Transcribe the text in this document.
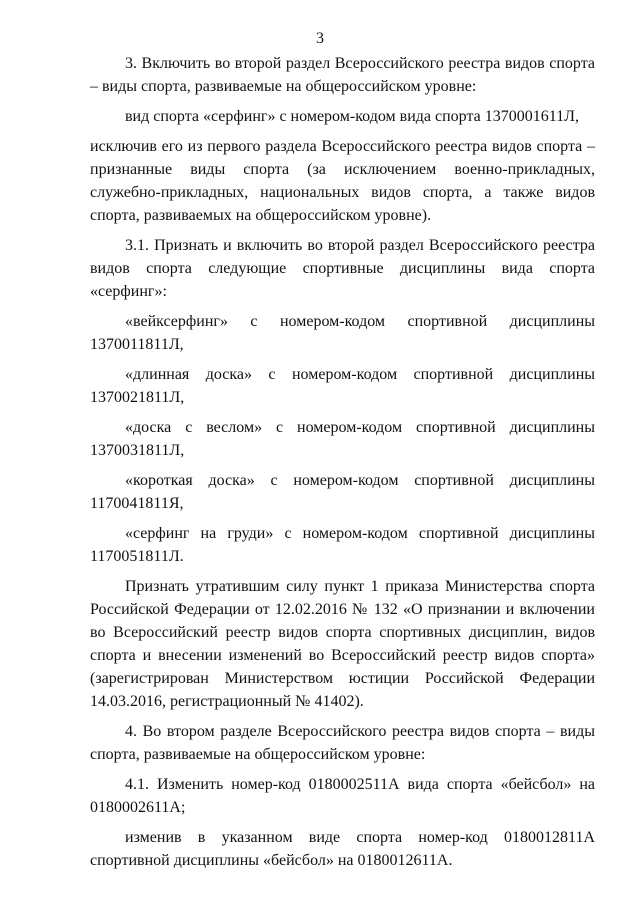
3

3. Включить во второй раздел Всероссийского реестра видов спорта – виды спорта, развиваемые на общероссийском уровне:

вид спорта «серфинг» с номером-кодом вида спорта 1370001611Л,

исключив его из первого раздела Всероссийского реестра видов спорта – признанные виды спорта (за исключением военно-прикладных, служебно-прикладных, национальных видов спорта, а также видов спорта, развиваемых на общероссийском уровне).

3.1. Признать и включить во второй раздел Всероссийского реестра видов спорта следующие спортивные дисциплины вида спорта «серфинг»:

«вейксерфинг» с номером-кодом спортивной дисциплины 1370011811Л,

«длинная доска» с номером-кодом спортивной дисциплины 1370021811Л,

«доска с веслом» с номером-кодом спортивной дисциплины 1370031811Л,

«короткая доска» с номером-кодом спортивной дисциплины 1170041811Я,

«серфинг на груди» с номером-кодом спортивной дисциплины 1170051811Л.

Признать утратившим силу пункт 1 приказа Министерства спорта Российской Федерации от 12.02.2016 № 132 «О признании и включении во Всероссийский реестр видов спорта спортивных дисциплин, видов спорта и внесении изменений во Всероссийский реестр видов спорта» (зарегистрирован Министерством юстиции Российской Федерации 14.03.2016, регистрационный № 41402).

4. Во втором разделе Всероссийского реестра видов спорта – виды спорта, развиваемые на общероссийском уровне:

4.1. Изменить номер-код 0180002511А вида спорта «бейсбол» на 0180002611А;

изменив в указанном виде спорта номер-код 0180012811А спортивной дисциплины «бейсбол» на 0180012611А.
